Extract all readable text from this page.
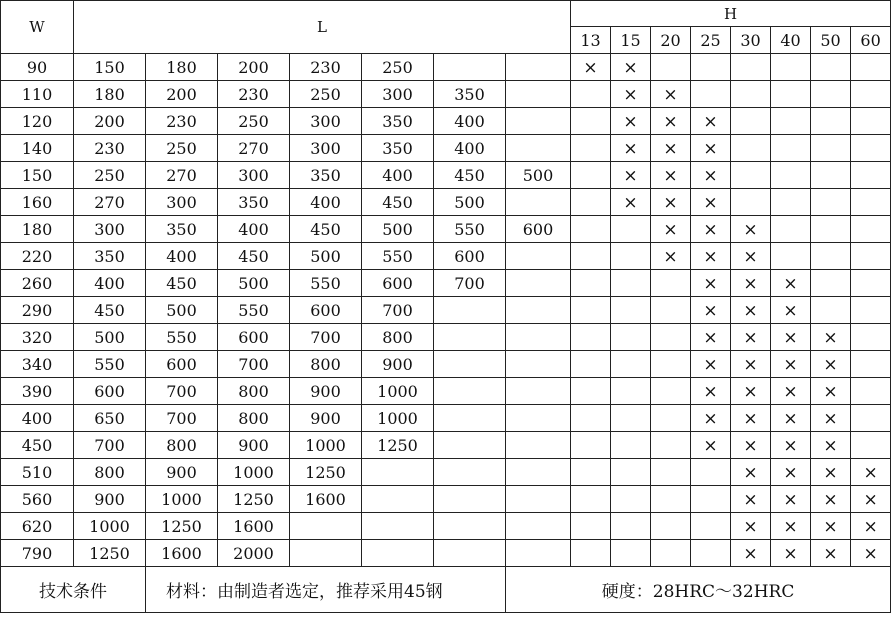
W	L							H							
								13	15	20	25	30	40	50	60
90	150	180	200	230	250			×	×						
110	180	200	230	250	300	350			×	×					
120	200	230	250	300	350	400			×	×	×				
140	230	250	270	300	350	400			×	×	×				
150	250	270	300	350	400	450	500		×	×	×				
160	270	300	350	400	450	500			×	×	×				
180	300	350	400	450	500	550	600			×	×	×			
220	350	400	450	500	550	600				×	×	×			
260	400	450	500	550	600	700					×	×	×		
290	450	500	550	600	700						×	×	×		
320	500	550	600	700	800						×	×	×	×	
340	550	600	700	800	900						×	×	×	×	
390	600	700	800	900	1000						×	×	×	×	
400	650	700	800	900	1000						×	×	×	×	
450	700	800	900	1000	1250						×	×	×	×	
510	800	900	1000	1250								×	×	×	×
560	900	1000	1250	1600								×	×	×	×
620	1000	1250	1600									×	×	×	×
790	1250	1600	2000									×	×	×	×
技术条件		材料：由制造者选定，推荐采用45钢					硬度：28HRC～32HRC								
